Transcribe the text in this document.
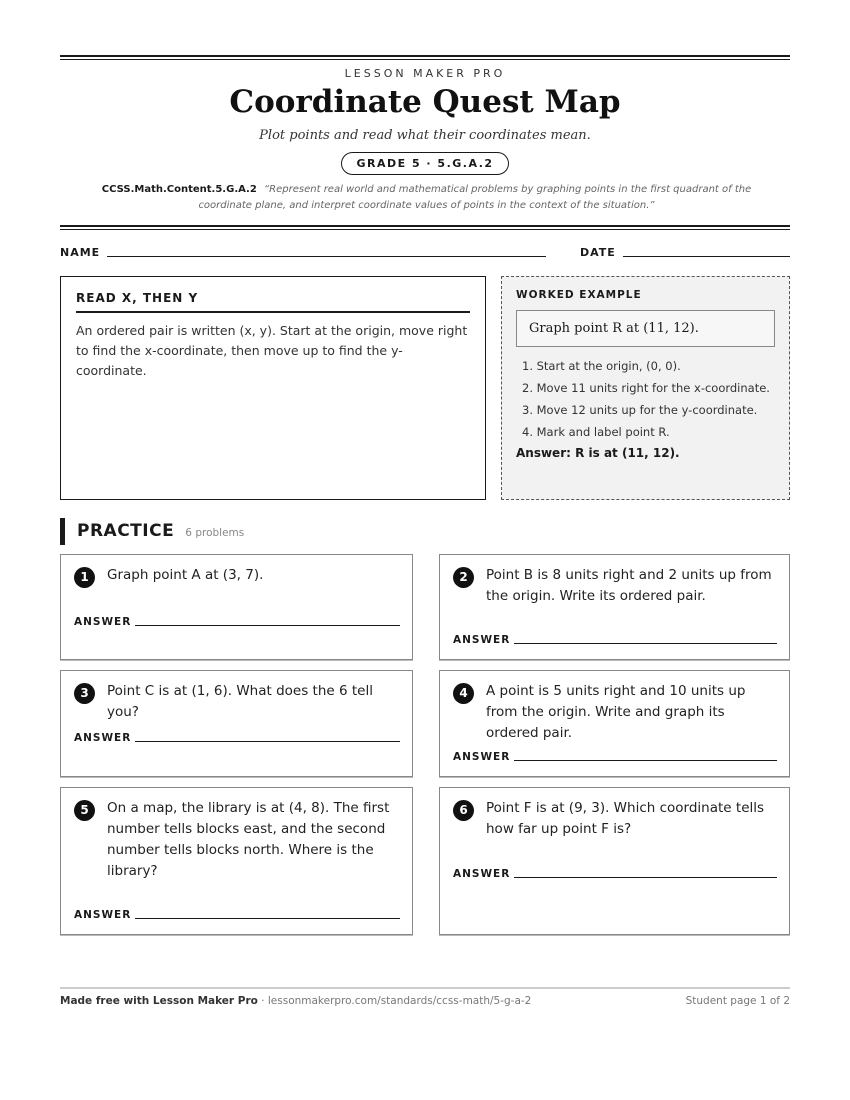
LESSON MAKER PRO
Coordinate Quest Map
Plot points and read what their coordinates mean.
GRADE 5 · 5.G.A.2
CCSS.Math.Content.5.G.A.2 “Represent real world and mathematical problems by graphing points in the first quadrant of the coordinate plane, and interpret coordinate values of points in the context of the situation.”
NAME	DATE
READ X, THEN Y
An ordered pair is written (x, y). Start at the origin, move right to find the x-coordinate, then move up to find the y-coordinate.
WORKED EXAMPLE
Graph point R at (11, 12).
1. Start at the origin, (0, 0).
2. Move 11 units right for the x-coordinate.
3. Move 12 units up for the y-coordinate.
4. Mark and label point R.
Answer: R is at (11, 12).
PRACTICE 6 problems
1	Graph point A at (3, 7).
ANSWER
2	Point B is 8 units right and 2 units up from the origin. Write its ordered pair.
ANSWER
3	Point C is at (1, 6). What does the 6 tell you?
ANSWER
4	A point is 5 units right and 10 units up from the origin. Write and graph its ordered pair.
ANSWER
5	On a map, the library is at (4, 8). The first number tells blocks east, and the second number tells blocks north. Where is the library?
ANSWER
6	Point F is at (9, 3). Which coordinate tells how far up point F is?
ANSWER
Made free with Lesson Maker Pro · lessonmakerpro.com/standards/ccss-math/5-g-a-2	Student page 1 of 2
